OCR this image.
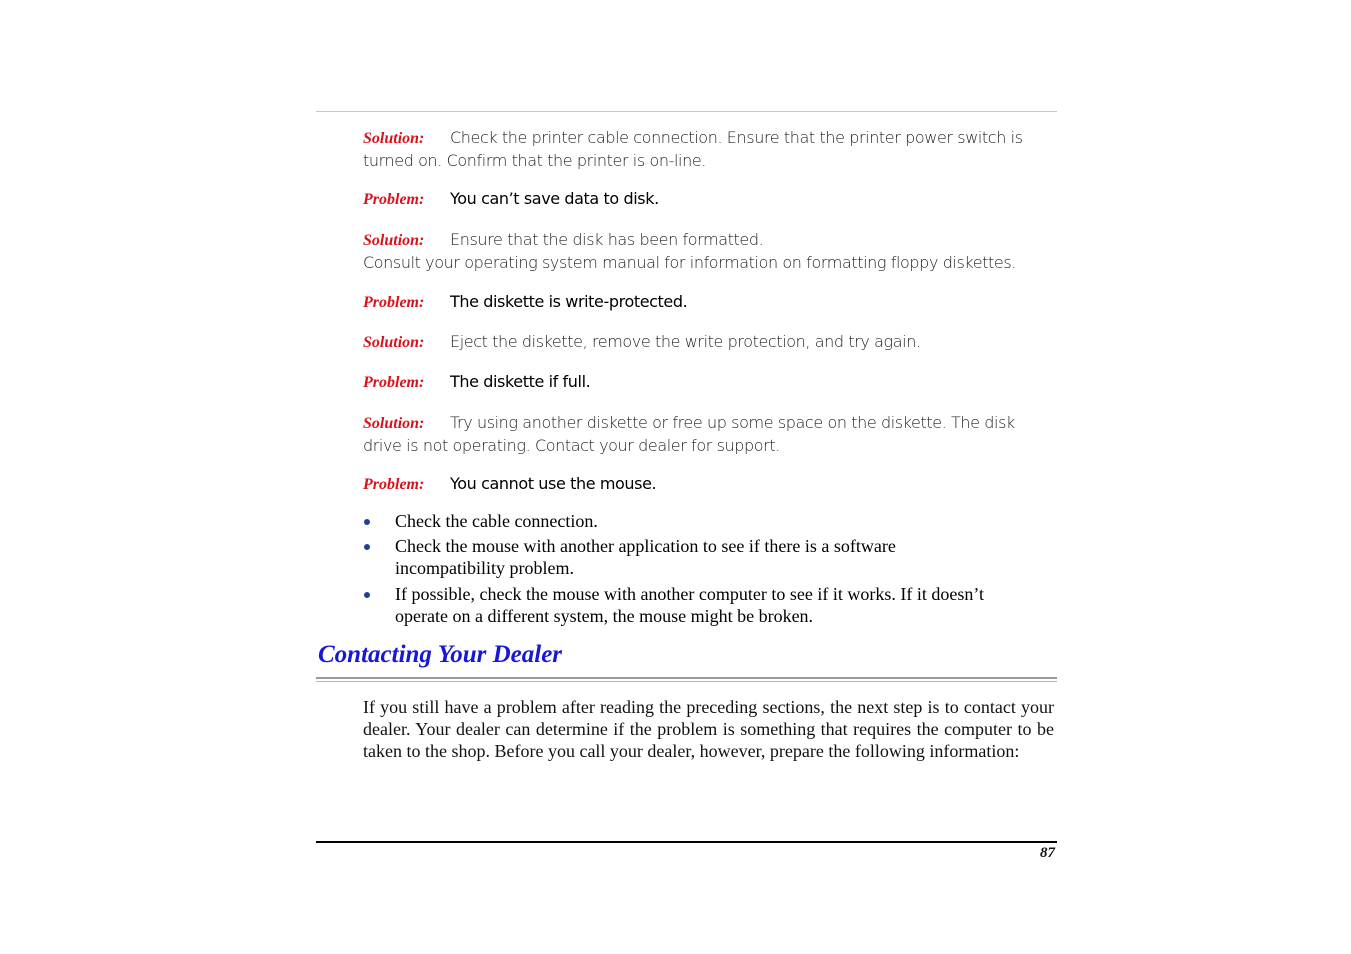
Solution: Check the printer cable connection. Ensure that the printer power switch is turned on. Confirm that the printer is on-line.

Problem: You can’t save data to disk.

Solution: Ensure that the disk has been formatted.
Consult your operating system manual for information on formatting floppy diskettes.

Problem: The diskette is write-protected.

Solution: Eject the diskette, remove the write protection, and try again.

Problem: The diskette if full.

Solution: Try using another diskette or free up some space on the diskette. The disk drive is not operating. Contact your dealer for support.

Problem: You cannot use the mouse.

Check the cable connection.
Check the mouse with another application to see if there is a software incompatibility problem.
If possible, check the mouse with another computer to see if it works. If it doesn’t operate on a different system, the mouse might be broken.
Contacting Your Dealer

If you still have a problem after reading the preceding sections, the next step is to contact your dealer. Your dealer can determine if the problem is something that requires the computer to be taken to the shop. Before you call your dealer, however, prepare the following information:

87
